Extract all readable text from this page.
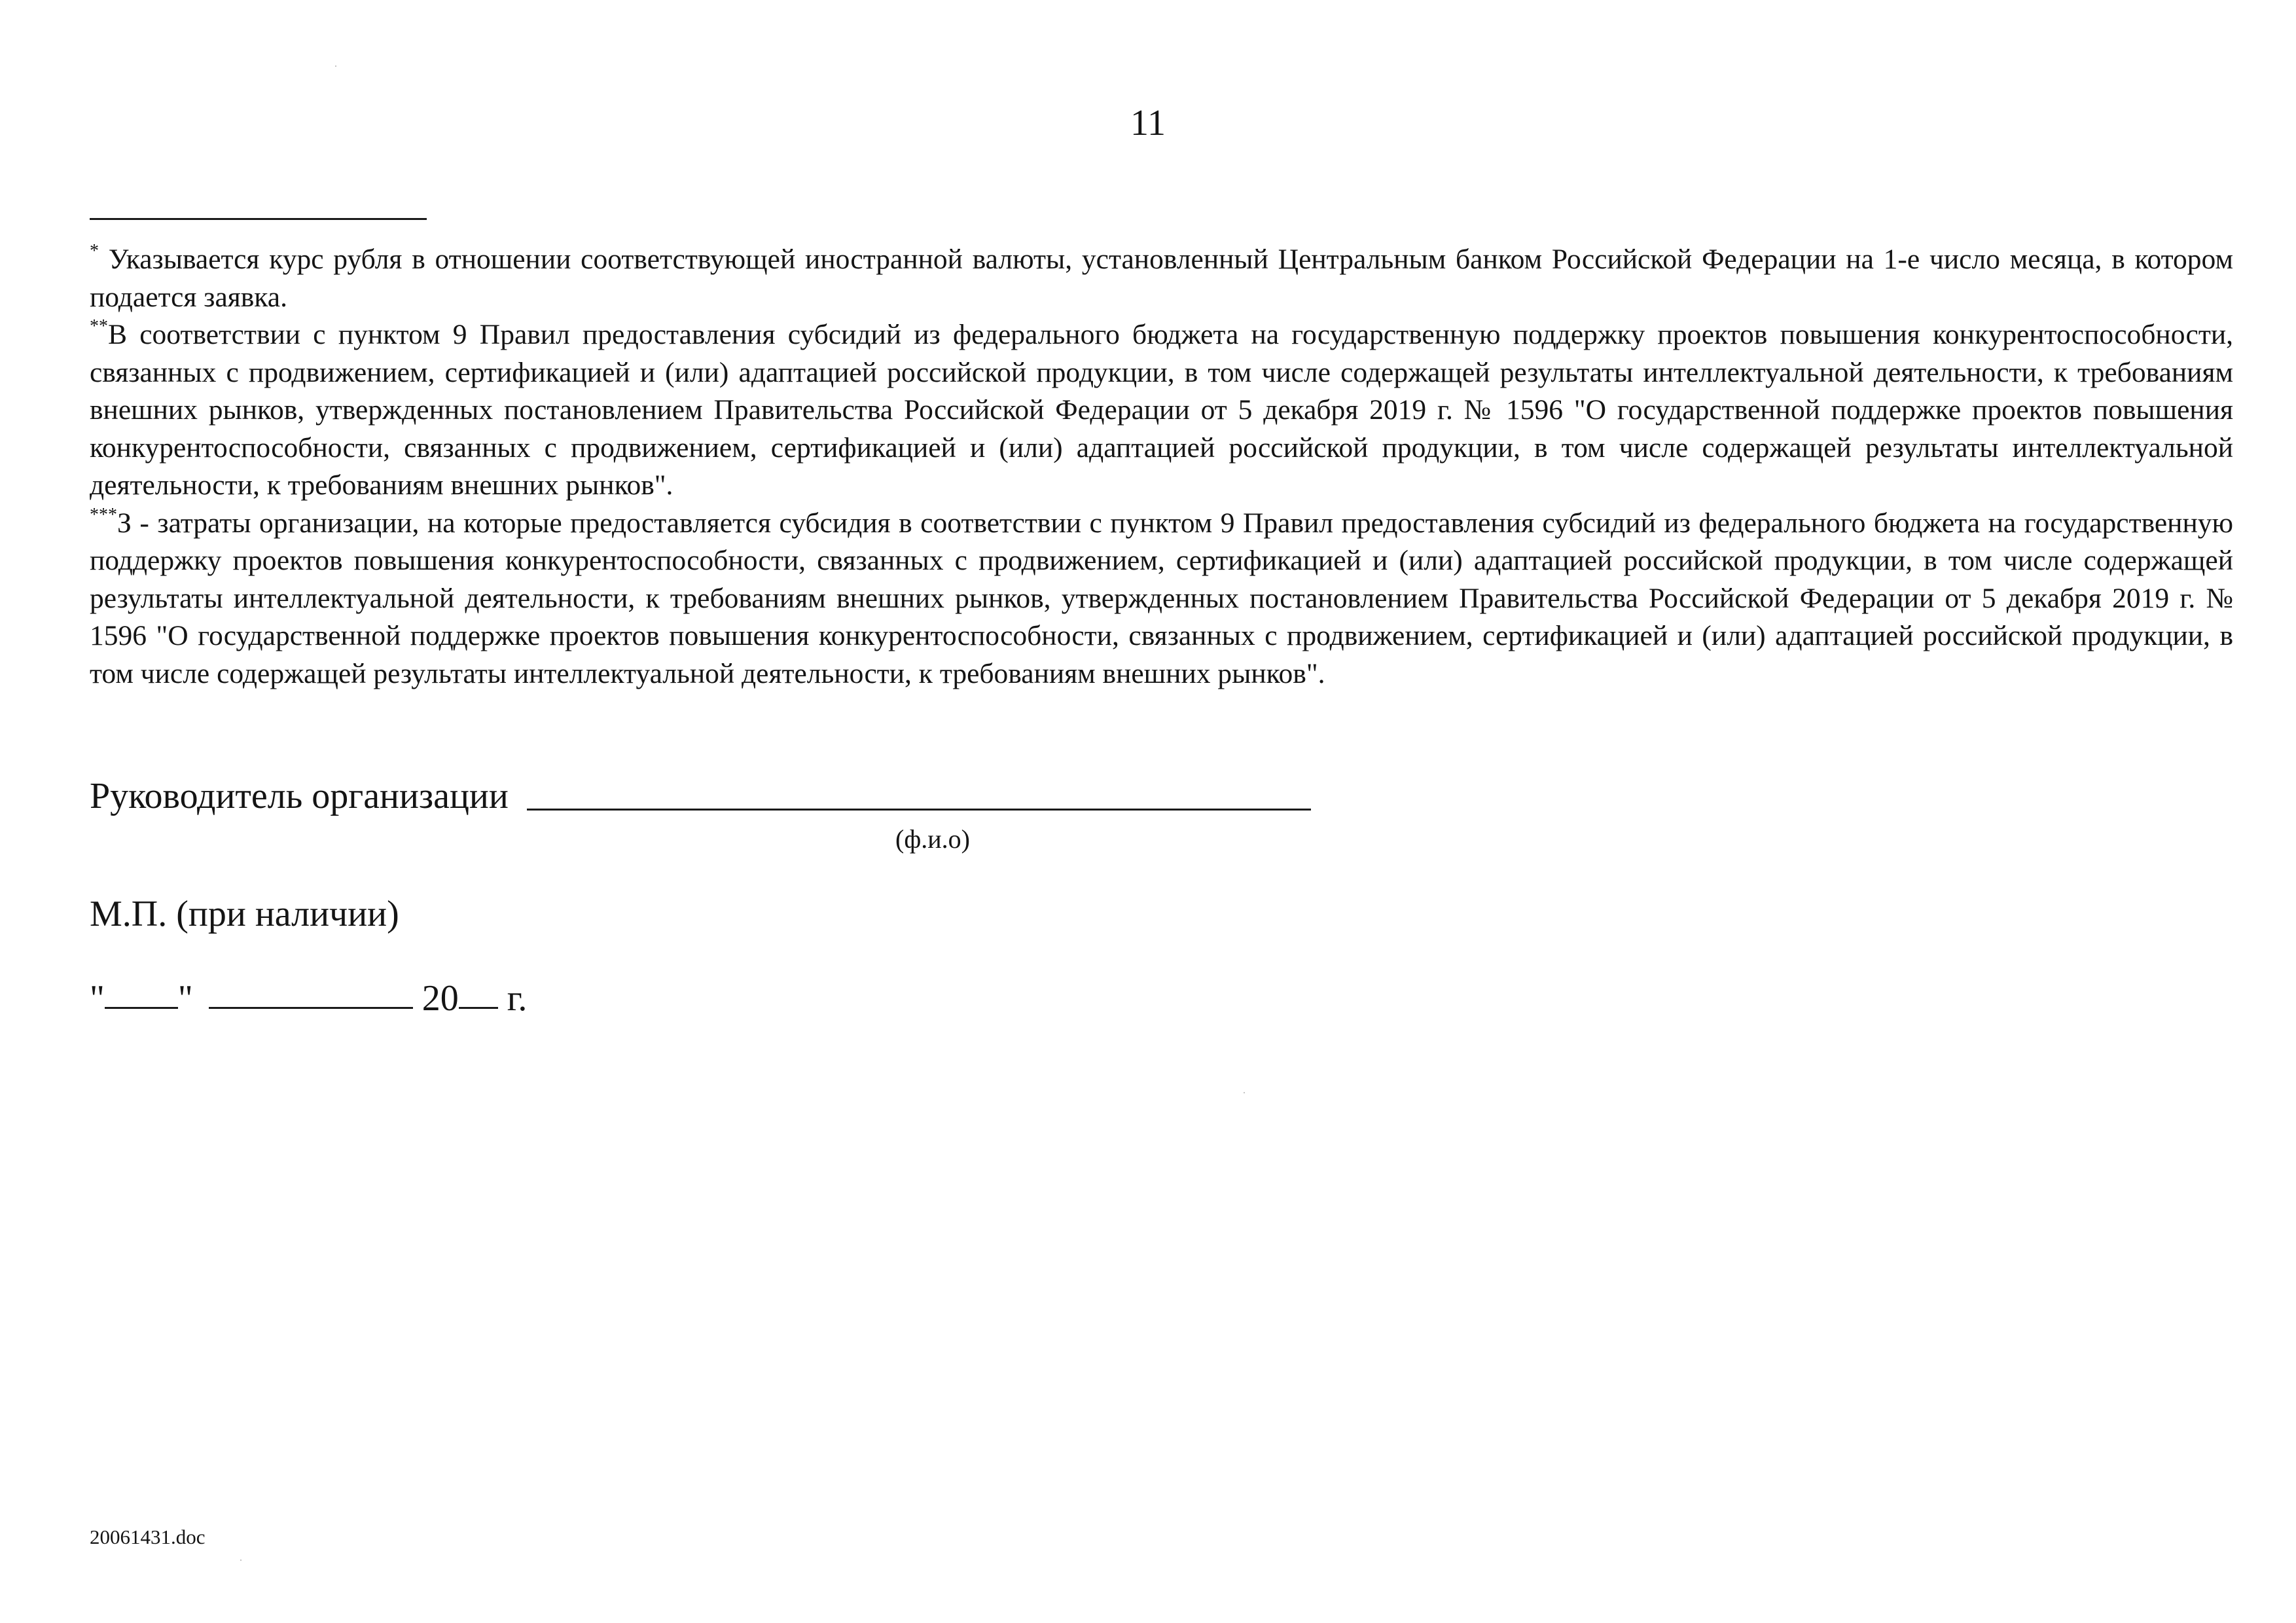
11

* Указывается курс рубля в отношении соответствующей иностранной валюты, установленный Центральным банком Российской Федерации на 1-е число месяца, в котором подается заявка.

**В соответствии с пунктом 9 Правил предоставления субсидий из федерального бюджета на государственную поддержку проектов повышения конкурентоспособности, связанных с продвижением, сертификацией и (или) адаптацией российской продукции, в том числе содержащей результаты интеллектуальной деятельности, к требованиям внешних рынков, утвержденных постановлением Правительства Российской Федерации от 5 декабря 2019 г. № 1596 "О государственной поддержке проектов повышения конкурентоспособности, связанных с продвижением, сертификацией и (или) адаптацией российской продукции, в том числе содержащей результаты интеллектуальной деятельности, к требованиям внешних рынков".

***З - затраты организации, на которые предоставляется субсидия в соответствии с пунктом 9 Правил предоставления субсидий из федерального бюджета на государственную поддержку проектов повышения конкурентоспособности, связанных с продвижением, сертификацией и (или) адаптацией российской продукции, в том числе содержащей результаты интеллектуальной деятельности, к требованиям внешних рынков, утвержденных постановлением Правительства Российской Федерации от 5 декабря 2019 г. № 1596 "О государственной поддержке проектов повышения конкурентоспособности, связанных с продвижением, сертификацией и (или) адаптацией российской продукции, в том числе содержащей результаты интеллектуальной деятельности, к требованиям внешних рынков".

Руководитель организации
(ф.и.о)
М.П. (при наличии)
" "	20 г.
20061431.doc
